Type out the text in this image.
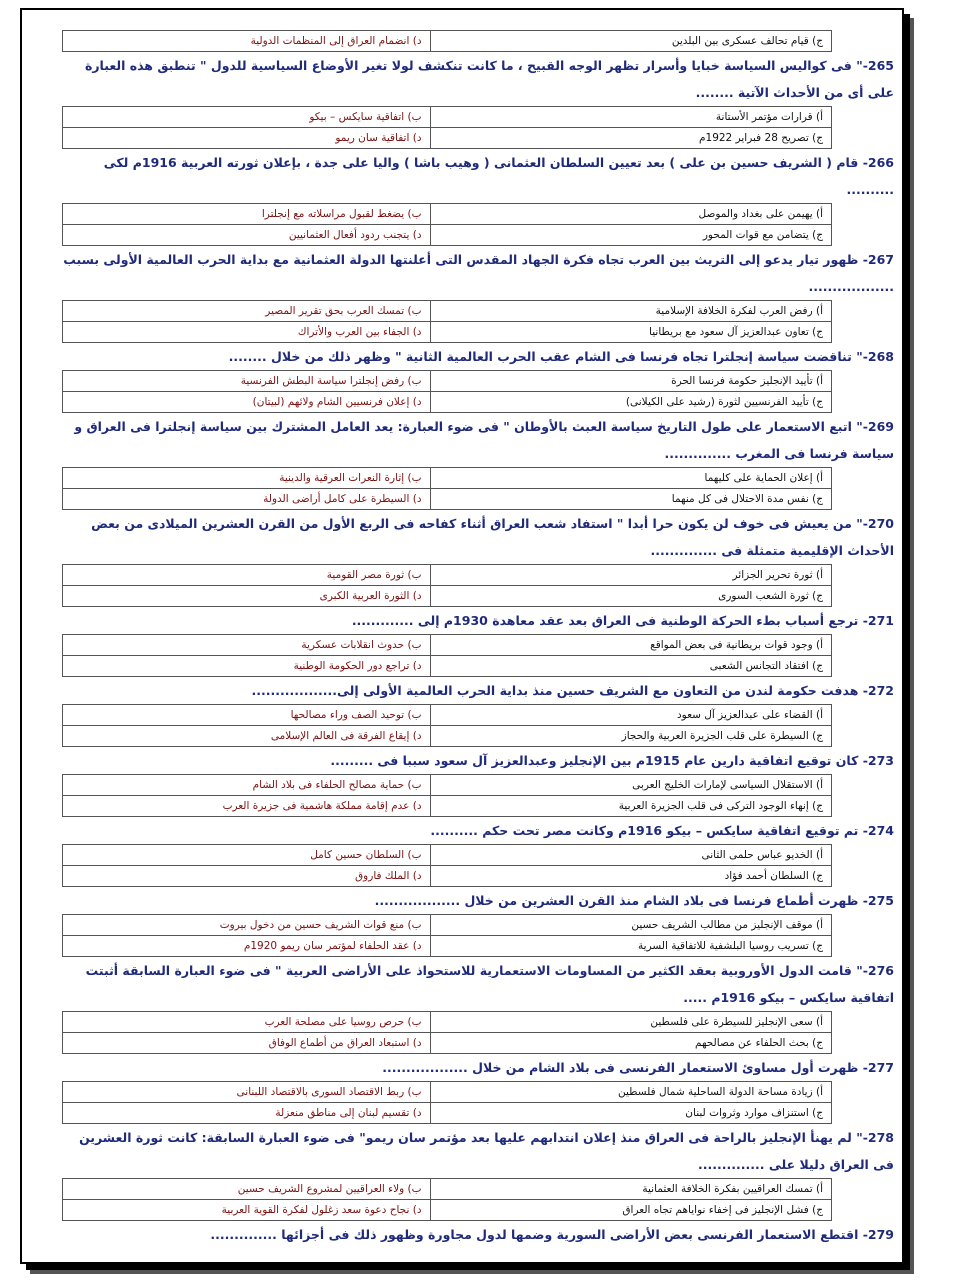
ج) قيام تحالف عسكرى بين البلدين	د) انضمام العراق إلى المنظمات الدولية

265-" فى كواليس السياسة خبايا وأسرار تظهر الوجه القبيح ، ما كانت تنكشف لولا تغير الأوضاع السياسية للدول " تنطبق هذه العبارة على أى من الأحداث الآتية ........

أ) قرارات مؤتمر الأستانة	ب) اتفاقية سايكس – بيكو
ج) تصريح 28 فبراير 1922م	د) اتفاقية سان ريمو

266- قام ( الشريف حسين بن على ) بعد تعيين السلطان العثمانى ( وهيب باشا ) واليا على جدة ، بإعلان ثورته العربية 1916م لكى ..........

أ) يهيمن على بغداد والموصل	ب) يضغط لقبول مراسلاته مع إنجلترا
ج) يتضامن مع قوات المحور	د) يتجنب ردود أفعال العثمانيين

267- ظهور تيار يدعو إلى التريث بين العرب تجاه فكرة الجهاد المقدس التى أعلنتها الدولة العثمانية مع بداية الحرب العالمية الأولى بسبب ..................

أ) رفض العرب لفكرة الخلافة الإسلامية	ب) تمسك العرب بحق تقرير المصير
ج) تعاون عبدالعزيز آل سعود مع بريطانيا	د) الجفاء بين العرب والأتراك

268-" تناقضت سياسة إنجلترا تجاه فرنسا فى الشام عقب الحرب العالمية الثانية " وظهر ذلك من خلال ........

أ) تأييد الإنجليز حكومة فرنسا الحرة	ب) رفض إنجلترا سياسة البطش الفرنسية
ج) تأييد الفرنسيين لثورة (رشيد على الكيلانى)	د) إعلان فرنسيين الشام ولائهم (لبيتان)

269-" اتبع الاستعمار على طول التاريخ سياسة العبث بالأوطان " فى ضوء العبارة: يعد العامل المشترك بين سياسة إنجلترا فى العراق و سياسة فرنسا فى المغرب ..............

أ) إعلان الحماية على كليهما	ب) إثارة النعرات العرقية والدينية
ج) نفس مدة الاحتلال فى كل منهما	د) السيطرة على كامل أراضى الدولة

270-" من يعيش فى خوف لن يكون حرا أبدا " استفاد شعب العراق أثناء كفاحه فى الربع الأول من القرن العشرين الميلادى من بعض الأحداث الإقليمية متمثلة فى ..............

أ) ثورة تحرير الجزائر	ب) ثورة مصر القومية
ج) ثورة الشعب السورى	د) الثورة العربية الكبرى

271- ترجع أسباب بطء الحركة الوطنية فى العراق بعد عقد معاهدة 1930م إلى .............

أ) وجود قوات بريطانية فى بعض المواقع	ب) حدوث انقلابات عسكرية
ج) افتقاد التجانس الشعبى	د) تراجع دور الحكومة الوطنية

272- هدفت حكومة لندن من التعاون مع الشريف حسين منذ بداية الحرب العالمية الأولى إلى..................

أ) القضاء على عبدالعزيز آل سعود	ب) توحيد الصف وراء مصالحها
ج) السيطرة على قلب الجزيرة العربية والحجاز	د) إيقاع الفرقة فى العالم الإسلامى

273- كان توقيع اتفاقية دارين عام 1915م بين الإنجليز وعبدالعزيز آل سعود سببا فى .........

أ) الاستقلال السياسى لإمارات الخليج العربى	ب) حماية مصالح الحلفاء فى بلاد الشام
ج) إنهاء الوجود التركى فى قلب الجزيرة العربية	د) عدم إقامة مملكة هاشمية فى جزيرة العرب

274- تم توقيع اتفاقية سايكس – بيكو 1916م وكانت مصر تحت حكم ..........

أ) الخديو عباس حلمى الثانى	ب) السلطان حسين كامل
ج) السلطان أحمد فؤاد	د) الملك فاروق

275- ظهرت أطماع فرنسا فى بلاد الشام منذ القرن العشرين من خلال ..................

أ) موقف الإنجليز من مطالب الشريف حسين	ب) منع قوات الشريف حسين من دخول بيروت
ج) تسريب روسيا البلشفية للاتفاقية السرية	د) عقد الحلفاء لمؤتمر سان ريمو 1920م

276-" قامت الدول الأوروبية بعقد الكثير من المساومات الاستعمارية للاستحواذ على الأراضى العربية " فى ضوء العبارة السابقة أثبتت اتفاقية سايكس – بيكو 1916م .....

أ) سعى الإنجليز للسيطرة على فلسطين	ب) حرص روسيا على مصلحة العرب
ج) بحث الحلفاء عن مصالحهم	د) استبعاد العراق من أطماع الوفاق

277- ظهرت أول مساوئ الاستعمار الفرنسى فى بلاد الشام من خلال ..................

أ) زيادة مساحة الدولة الساحلية شمال فلسطين	ب) ربط الاقتصاد السورى بالاقتصاد اللبنانى
ج) استنزاف موارد وثروات لبنان	د) تقسيم لبنان إلى مناطق منعزلة

278-" لم يهنأ الإنجليز بالراحة فى العراق منذ إعلان انتدابهم عليها بعد مؤتمر سان ريمو" فى ضوء العبارة السابقة: كانت ثورة العشرين فى العراق دليلا على ..............

أ) تمسك العراقيين بفكرة الخلافة العثمانية	ب) ولاء العراقيين لمشروع الشريف حسين
ج) فشل الإنجليز فى إخفاء نواياهم تجاه العراق	د) نجاح دعوة سعد زغلول لفكرة القوية العربية

279- اقتطع الاستعمار الفرنسى بعض الأراضى السورية وضمها لدول مجاورة وظهور ذلك فى أجزائها ..............
